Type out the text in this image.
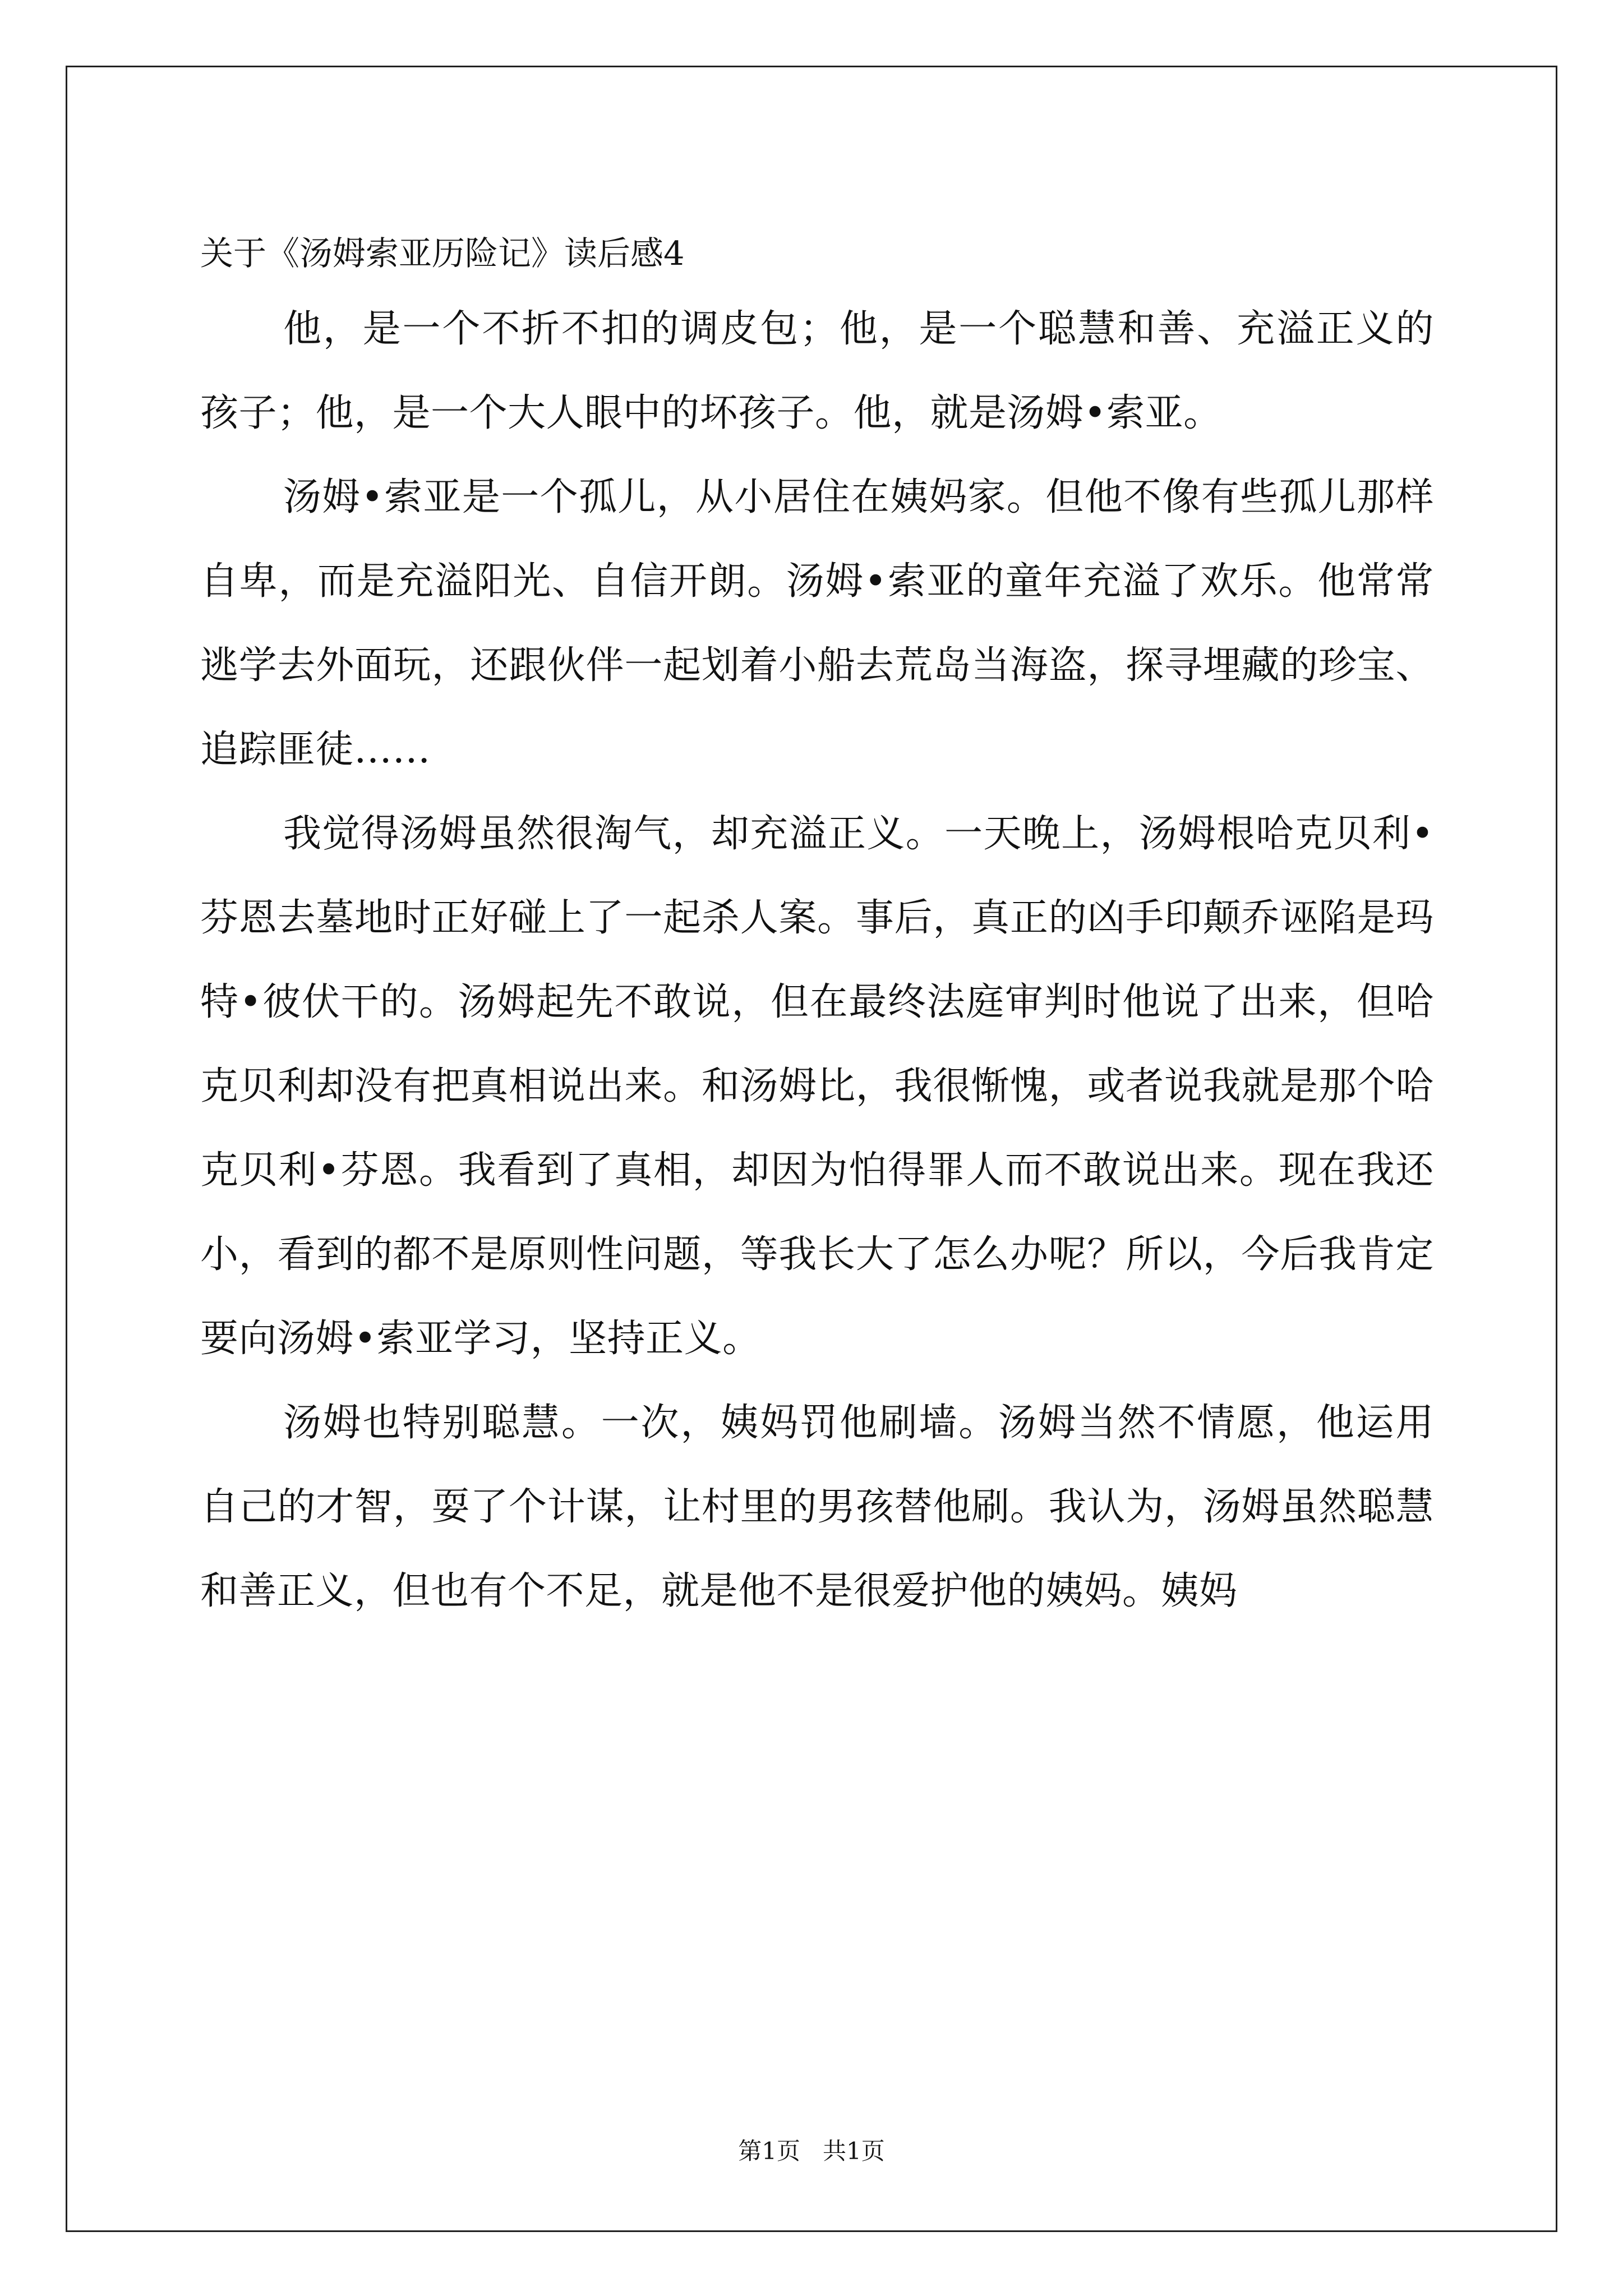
关于《汤姆索亚历险记》读后感4

他，是一个不折不扣的调皮包；他，是一个聪慧和善、充溢正义的孩子；他，是一个大人眼中的坏孩子。他，就是汤姆•索亚。

汤姆•索亚是一个孤儿，从小居住在姨妈家。但他不像有些孤儿那样自卑，而是充溢阳光、自信开朗。汤姆•索亚的童年充溢了欢乐。他常常逃学去外面玩，还跟伙伴一起划着小船去荒岛当海盗，探寻埋藏的珍宝、追踪匪徒……

我觉得汤姆虽然很淘气，却充溢正义。一天晚上，汤姆根哈克贝利•芬恩去墓地时正好碰上了一起杀人案。事后，真正的凶手印颠乔诬陷是玛特•彼伏干的。汤姆起先不敢说，但在最终法庭审判时他说了出来，但哈克贝利却没有把真相说出来。和汤姆比，我很惭愧，或者说我就是那个哈克贝利•芬恩。我看到了真相，却因为怕得罪人而不敢说出来。现在我还小，看到的都不是原则性问题，等我长大了怎么办呢？所以，今后我肯定要向汤姆•索亚学习，坚持正义。

汤姆也特别聪慧。一次，姨妈罚他刷墙。汤姆当然不情愿，他运用自己的才智，耍了个计谋，让村里的男孩替他刷。我认为，汤姆虽然聪慧和善正义，但也有个不足，就是他不是很爱护他的姨妈。姨妈

第1页   共1页
